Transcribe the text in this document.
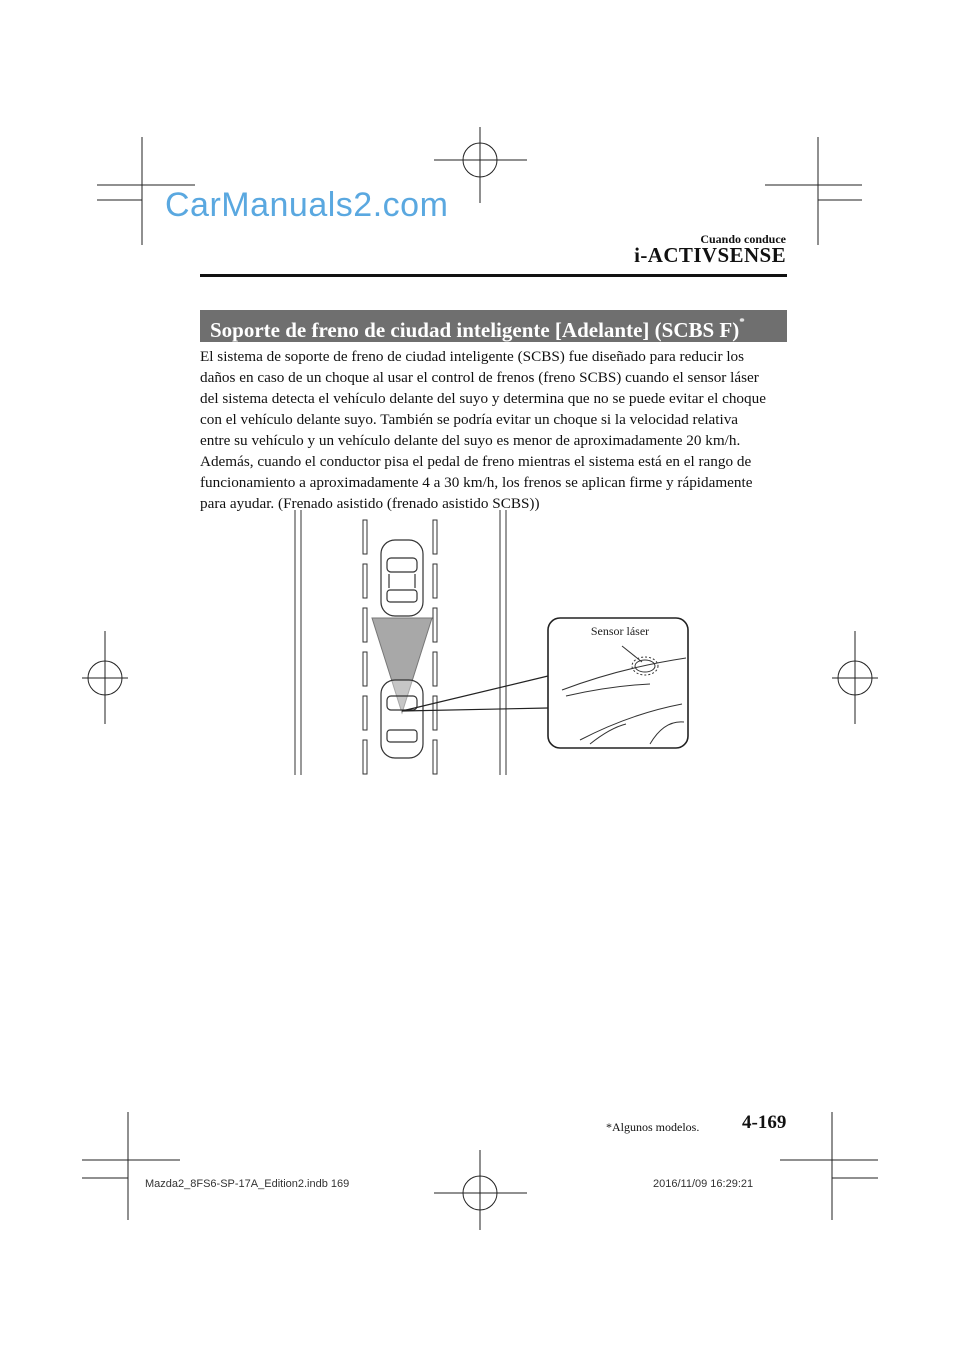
CarManuals2.com
Cuando conduce
i-ACTIVSENSE
Soporte de freno de ciudad inteligente [Adelante] (SCBS F)*

El sistema de soporte de freno de ciudad inteligente (SCBS) fue diseñado para reducir los

daños en caso de un choque al usar el control de frenos (freno SCBS) cuando el sensor láser

del sistema detecta el vehículo delante del suyo y determina que no se puede evitar el choque

con el vehículo delante suyo. También se podría evitar un choque si la velocidad relativa

entre su vehículo y un vehículo delante del suyo es menor de aproximadamente 20 km/h.

Además, cuando el conductor pisa el pedal de freno mientras el sistema está en el rango de

funcionamiento a aproximadamente 4 a 30 km/h, los frenos se aplican firme y rápidamente

para ayudar. (Frenado asistido (frenado asistido SCBS))

Sensor láser
*Algunos modelos. 4-169
Mazda2_8FS6-SP-17A_Edition2.indb 169	2016/11/09 16:29:21
